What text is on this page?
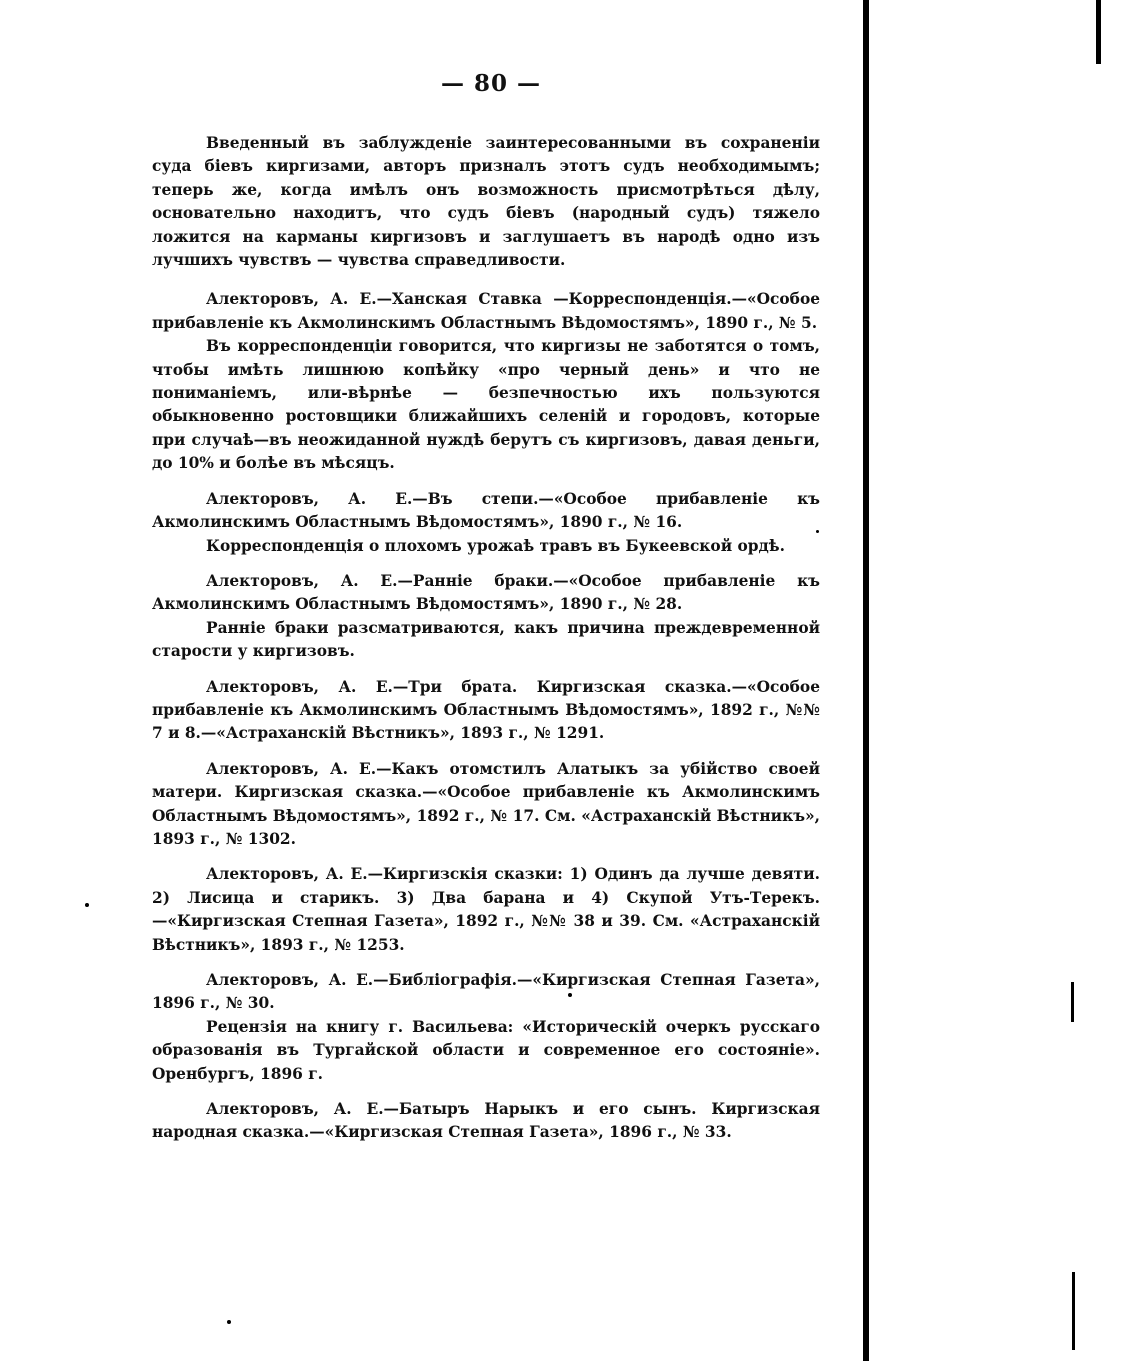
— 80 —

Введенный въ заблужденіе заинтересованными въ сохраненіи суда біевъ киргизами, авторъ призналъ этотъ судъ необходимымъ; теперь же, когда имѣлъ онъ возможность присмотрѣться дѣлу, основательно находитъ, что судъ біевъ (народный судъ) тяжело ложится на карманы киргизовъ и заглушаетъ въ народѣ одно изъ лучшихъ чувствъ — чувства справедливости.

Алекторовъ, А. Е.—Ханская Ставка —Корреспонденція.—«Особое прибавленіе къ Акмолинскимъ Областнымъ Вѣдомостямъ», 1890 г., № 5.

Въ корреспонденціи говорится, что киргизы не заботятся о томъ, чтобы имѣть лишнюю копѣйку «про черный день» и что не пониманіемъ, или-вѣрнѣе — безпечностью ихъ пользуются обыкновенно ростовщики ближайшихъ селеній и городовъ, которые при случаѣ—въ неожиданной нуждѣ берутъ съ киргизовъ, давая деньги, до 10% и болѣе въ мѣсяцъ.

Алекторовъ, А. Е.—Въ степи.—«Особое прибавленіе къ Акмолинскимъ Областнымъ Вѣдомостямъ», 1890 г., № 16.

Корреспонденція о плохомъ урожаѣ травъ въ Букеевской ордѣ.

Алекторовъ, А. Е.—Раннie браки.—«Особое прибавленіе къ Акмолинскимъ Областнымъ Вѣдомостямъ», 1890 г., № 28.

Ранніе браки разсматриваются, какъ причина преждевременной старости у киргизовъ.

Алекторовъ, А. Е.—Три брата. Киргизская сказка.—«Особое прибавленіе къ Акмолинскимъ Областнымъ Вѣдомостямъ», 1892 г., №№ 7 и 8.—«Астраханскій Вѣстникъ», 1893 г., № 1291.

Алекторовъ, А. Е.—Какъ отомстилъ Алатыкъ за убійство своей матери. Киргизская сказка.—«Особое прибавленіе къ Акмолинскимъ Областнымъ Вѣдомостямъ», 1892 г., № 17. См. «Астраханскій Вѣстникъ», 1893 г., № 1302.

Алекторовъ, А. Е.—Киргизскія сказки: 1) Одинъ да лучше девяти. 2) Лисица и старикъ. 3) Два барана и 4) Скупой Утъ-Терекъ.—«Киргизская Степная Газета», 1892 г., №№ 38 и 39. См. «Астраханскій Вѣстникъ», 1893 г., № 1253.

Алекторовъ, А. Е.—Библіографія.—«Киргизская Степная Газета», 1896 г., № 30.

Рецензія на книгу г. Васильева: «Историческій очеркъ русскаго образованія въ Тургайской области и современное его состояніе». Оренбургъ, 1896 г.

Алекторовъ, А. Е.—Батыръ Нарыкъ и его сынъ. Киргизская народная сказка.—«Киргизская Степная Газета», 1896 г., № 33.
